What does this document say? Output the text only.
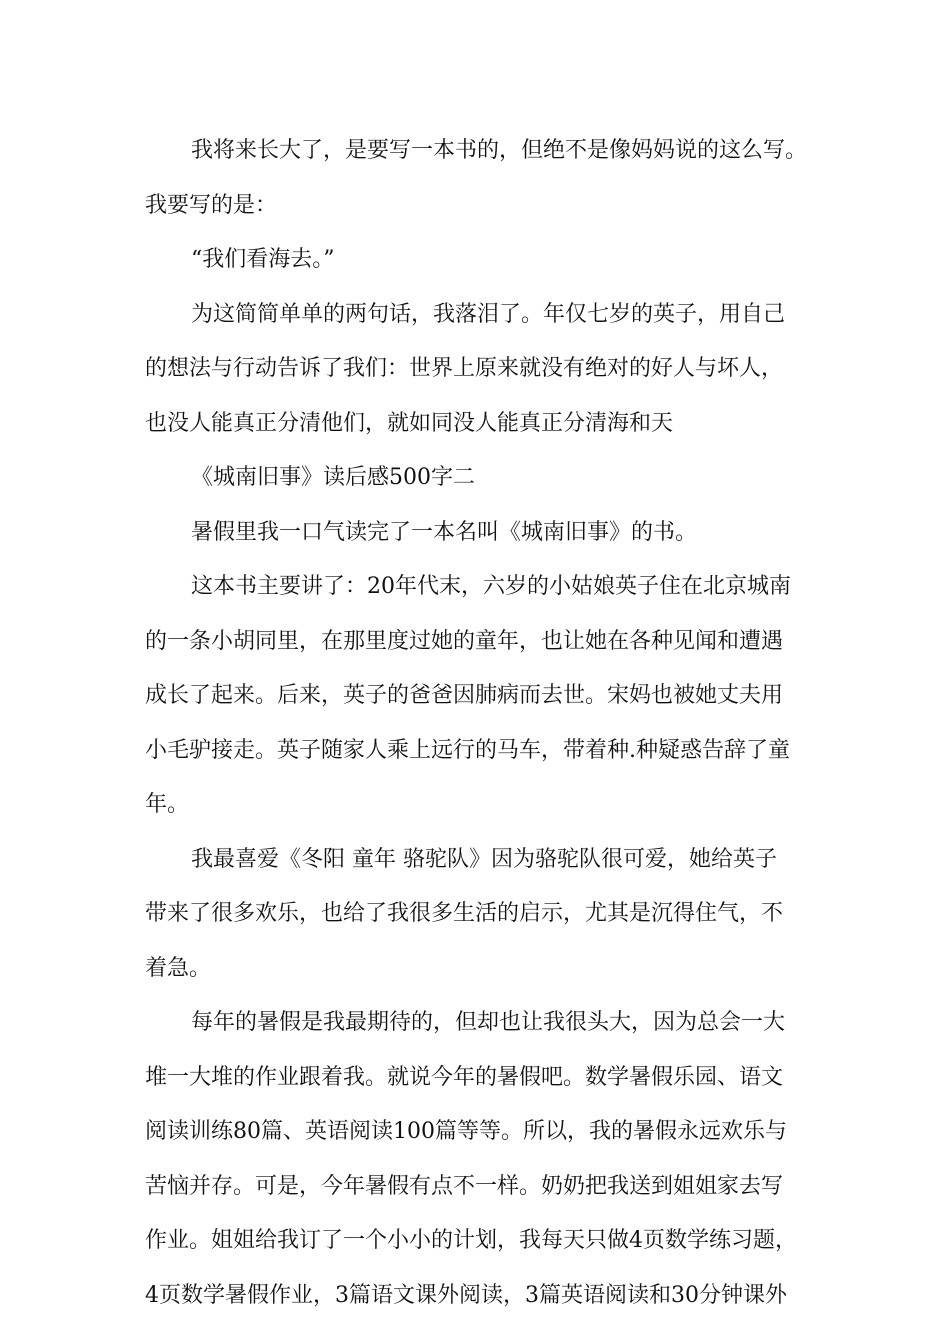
我将来长大了，是要写一本书的，但绝不是像妈妈说的这么写。
我要写的是：
“我们看海去。”
为这简简单单的两句话，我落泪了。年仅七岁的英子，用自己
的想法与行动告诉了我们：世界上原来就没有绝对的好人与坏人，
也没人能真正分清他们，就如同没人能真正分清海和天
《城南旧事》读后感500字二
暑假里我一口气读完了一本名叫《城南旧事》的书。
这本书主要讲了：20年代末，六岁的小姑娘英子住在北京城南
的一条小胡同里，在那里度过她的童年，也让她在各种见闻和遭遇
成长了起来。后来，英子的爸爸因肺病而去世。宋妈也被她丈夫用
小毛驴接走。英子随家人乘上远行的马车，带着种.种疑惑告辞了童
年。
我最喜爱《冬阳 童年 骆驼队》因为骆驼队很可爱，她给英子
带来了很多欢乐，也给了我很多生活的启示，尤其是沉得住气，不
着急。
每年的暑假是我最期待的，但却也让我很头大，因为总会一大
堆一大堆的作业跟着我。就说今年的暑假吧。数学暑假乐园、语文
阅读训练80篇、英语阅读100篇等等。所以，我的暑假永远欢乐与
苦恼并存。可是，今年暑假有点不一样。奶奶把我送到姐姐家去写
作业。姐姐给我订了一个小小的计划，我每天只做4页数学练习题，
4页数学暑假作业，3篇语文课外阅读，3篇英语阅读和30分钟课外
